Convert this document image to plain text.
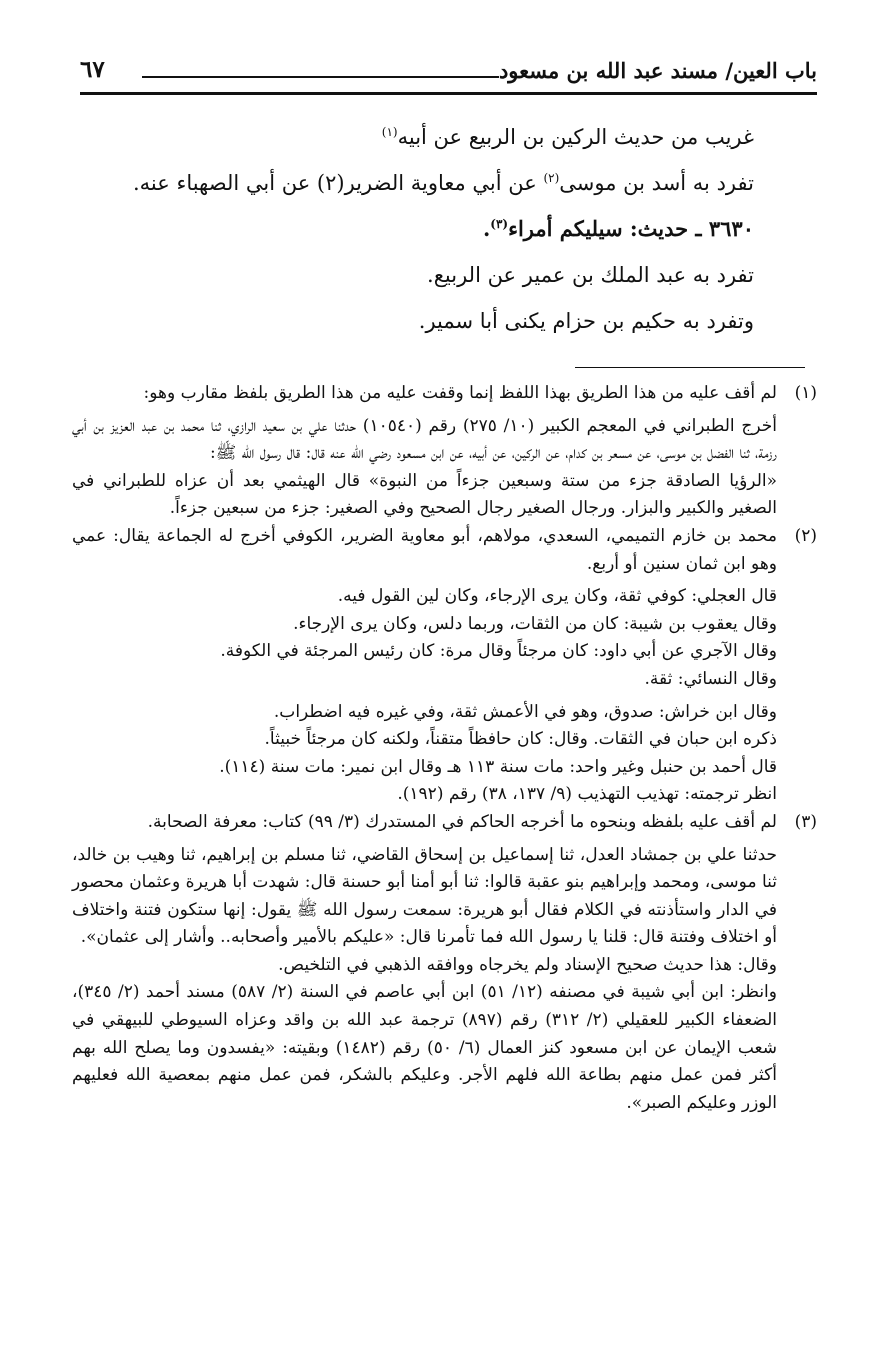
باب العين/ مسند عبد الله بن مسعود
٦٧

غريب من حديث الركين بن الربيع عن أبيه$^{(١)}$

تفرد به أسد بن موسى$^{(٢)}$ عن أبي معاوية الضرير(٢) عن أبي الصهباء عنه.

٣٦٣٠ ـ حديث: سيليكم أمراء$^{(٣)}$.

تفرد به عبد الملك بن عمير عن الربيع.

وتفرد به حكيم بن حزام يكنى أبا سمير.

(١)

لم أقف عليه من هذا الطريق بهذا اللفظ إنما وقفت عليه من هذا الطريق بلفظ مقارب وهو:

أخرج الطبراني في المعجم الكبير (١٠/ ٢٧٥) رقم (١٠٥٤٠) حدثنا علي بن سعيد الرازي، ثنا محمد بن عبد العزيز بن أبي رزمة، ثنا الفضل بن موسى، عن مسعر بن كدام، عن الركين، عن أبيه، عن ابن مسعود رضي الله عنه قال: قال رسول الله ﷺ:

«الرؤيا الصادقة جزء من ستة وسبعين جزءاً من النبوة» قال الهيثمي بعد أن عزاه للطبراني في الصغير والكبير والبزار. ورجال الصغير رجال الصحيح وفي الصغير: جزء من سبعين جزءاً.

(٢)

محمد بن خازم التميمي، السعدي، مولاهم، أبو معاوية الضرير، الكوفي أخرج له الجماعة يقال: عمي وهو ابن ثمان سنين أو أربع.

قال العجلي: كوفي ثقة، وكان يرى الإرجاء، وكان لين القول فيه.

وقال يعقوب بن شيبة: كان من الثقات، وربما دلس، وكان يرى الإرجاء.

وقال الآجري عن أبي داود: كان مرجئاً وقال مرة: كان رئيس المرجئة في الكوفة.

وقال النسائي: ثقة.

وقال ابن خراش: صدوق، وهو في الأعمش ثقة، وفي غيره فيه اضطراب.

ذكره ابن حبان في الثقات. وقال: كان حافظاً متقناً، ولكنه كان مرجئاً خبيثاً.

قال أحمد بن حنبل وغير واحد: مات سنة ١١٣ هـ وقال ابن نمير: مات سنة (١١٤).

انظر ترجمته: تهذيب التهذيب (٩/ ١٣٧، ٣٨) رقم (١٩٢).

(٣)

لم أقف عليه بلفظه وبنحوه ما أخرجه الحاكم في المستدرك (٣/ ٩٩) كتاب: معرفة الصحابة.

حدثنا علي بن جمشاد العدل، ثنا إسماعيل بن إسحاق القاضي، ثنا مسلم بن إبراهيم، ثنا وهيب بن خالد، ثنا موسى، ومحمد وإبراهيم بنو عقبة قالوا: ثنا أبو أمنا أبو حسنة قال: شهدت أبا هريرة وعثمان محصور في الدار واستأذنته في الكلام فقال أبو هريرة: سمعت رسول الله ﷺ يقول: إنها ستكون فتنة واختلاف أو اختلاف وفتنة قال: قلنا يا رسول الله فما تأمرنا قال: «عليكم بالأمير وأصحابه.. وأشار إلى عثمان».

وقال: هذا حديث صحيح الإسناد ولم يخرجاه ووافقه الذهبي في التلخيص.

وانظر: ابن أبي شيبة في مصنفه (١٢/ ٥١) ابن أبي عاصم في السنة (٢/ ٥٨٧) مسند أحمد (٢/ ٣٤٥)، الضعفاء الكبير للعقيلي (٢/ ٣١٢) رقم (٨٩٧) ترجمة عبد الله بن واقد وعزاه السيوطي للبيهقي في شعب الإيمان عن ابن مسعود كنز العمال (٦/ ٥٠) رقم (١٤٨٢) وبقيته: «يفسدون وما يصلح الله بهم أكثر فمن عمل منهم بطاعة الله فلهم الأجر. وعليكم بالشكر، فمن عمل منهم بمعصية الله فعليهم الوزر وعليكم الصبر».
